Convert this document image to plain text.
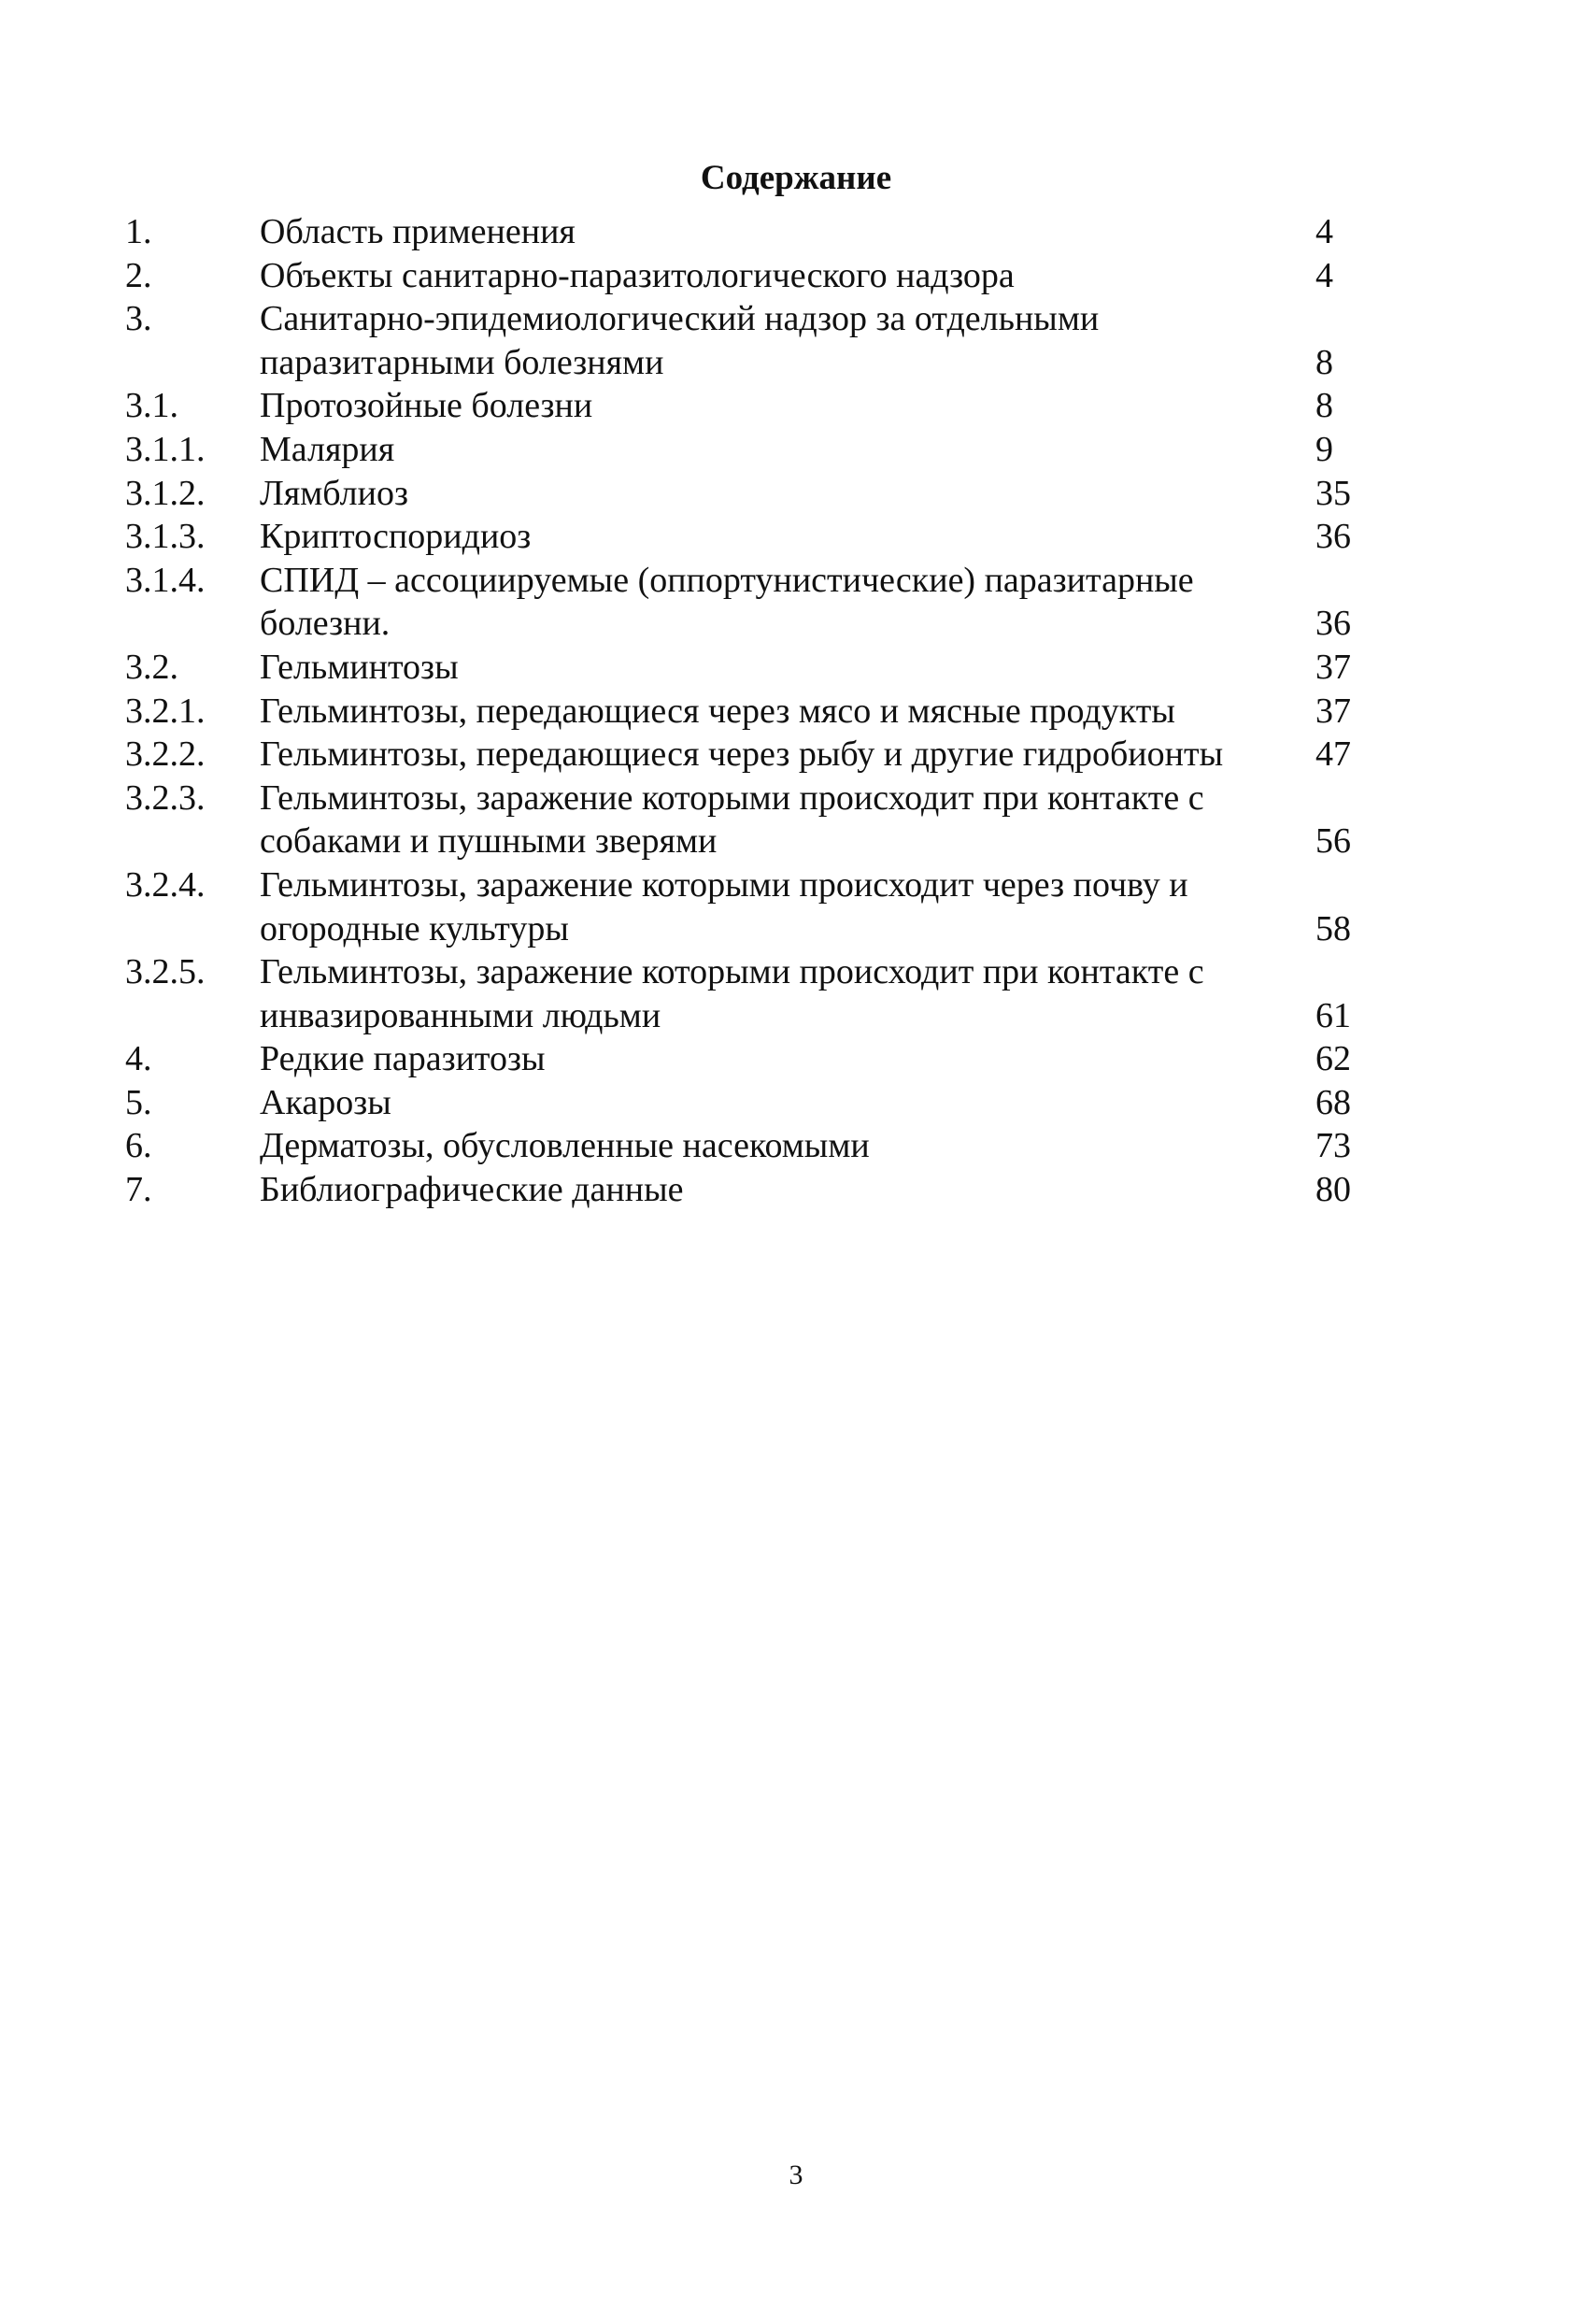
Содержание
1.	Область применения	4
2.	Объекты санитарно-паразитологического надзора	4
3.	Санитарно-эпидемиологический надзор за отдельными
паразитарными болезнями	8
3.1.	Протозойные болезни	8
3.1.1.	Малярия	9
3.1.2.	Лямблиоз	35
3.1.3.	Криптоспоридиоз	36
3.1.4.	СПИД – ассоциируемые (оппортунистические) паразитарные
болезни.	36
3.2.	Гельминтозы	37
3.2.1.	Гельминтозы, передающиеся через мясо и мясные продукты	37
3.2.2.	Гельминтозы, передающиеся через рыбу и другие гидробионты	47
3.2.3.	Гельминтозы, заражение которыми происходит при контакте с
собаками и пушными зверями	56
3.2.4.	Гельминтозы, заражение которыми происходит через почву и
огородные культуры	58
3.2.5.	Гельминтозы, заражение которыми происходит при контакте с
инвазированными людьми	61
4.	Редкие паразитозы	62
5.	Акарозы	68
6.	Дерматозы, обусловленные насекомыми	73
7.	Библиографические данные	80
3
